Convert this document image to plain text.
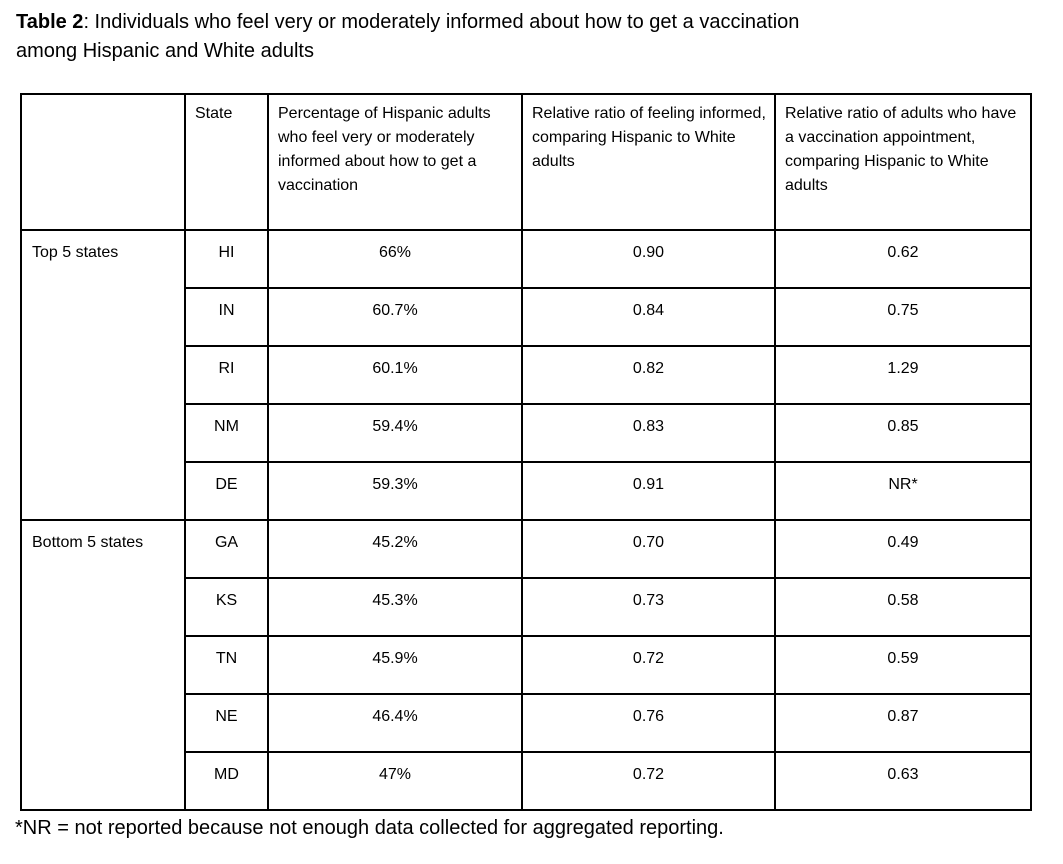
Table 2: Individuals who feel very or moderately informed about how to get a vaccination
among Hispanic and White adults

	State	Percentage of Hispanic adults who feel very or moderately informed about how to get a vaccination	Relative ratio of feeling informed, comparing Hispanic to White adults	Relative ratio of adults who have a vaccination appointment, comparing Hispanic to White adults
Top 5 states	HI	66%	0.90	0.62
	IN	60.7%	0.84	0.75
	RI	60.1%	0.82	1.29
	NM	59.4%	0.83	0.85
	DE	59.3%	0.91	NR*
Bottom 5 states	GA	45.2%	0.70	0.49
	KS	45.3%	0.73	0.58
	TN	45.9%	0.72	0.59
	NE	46.4%	0.76	0.87
	MD	47%	0.72	0.63

*NR = not reported because not enough data collected for aggregated reporting.
